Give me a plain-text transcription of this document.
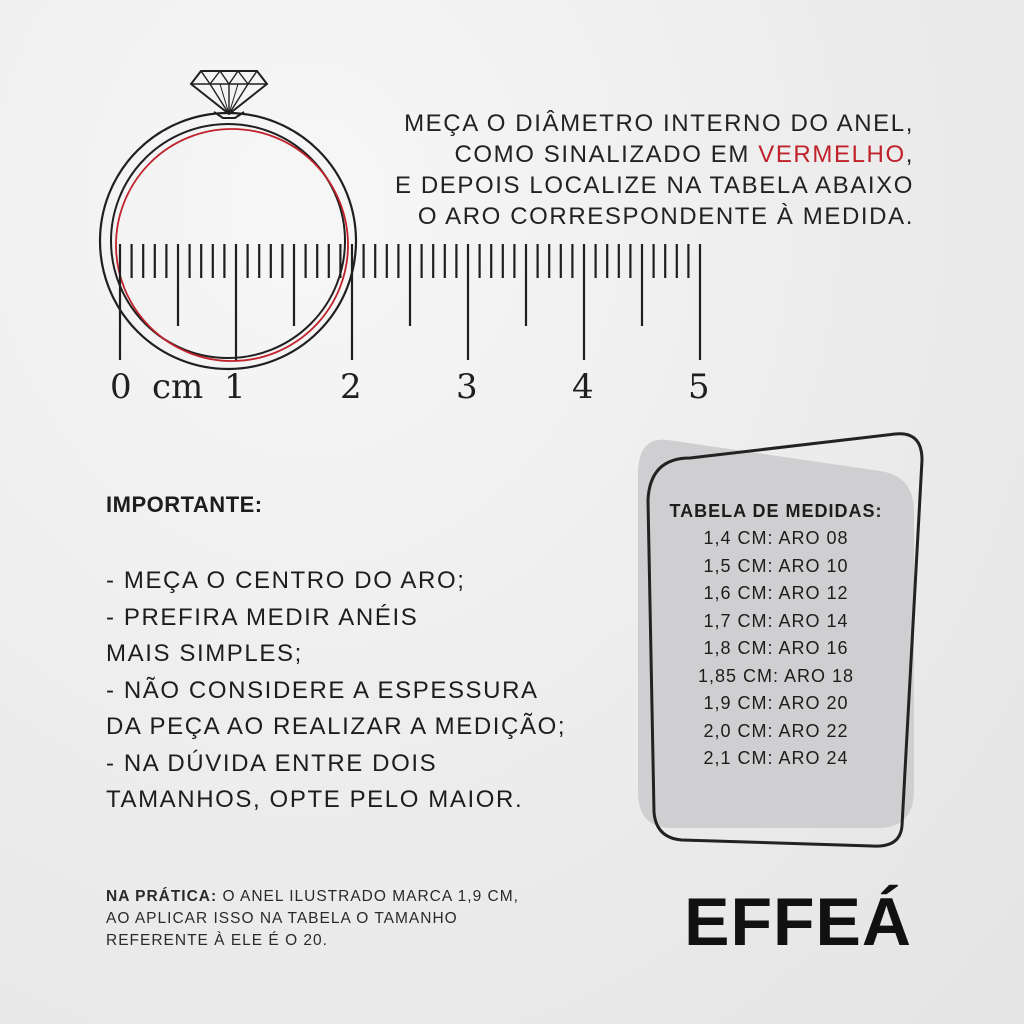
0 cm 1	2	3	4	5
MEÇA O DIÂMETRO INTERNO DO ANEL,
COMO SINALIZADO EM VERMELHO,
E DEPOIS LOCALIZE NA TABELA ABAIXO
O ARO CORRESPONDENTE À MEDIDA.
IMPORTANTE:
- MEÇA O CENTRO DO ARO;
- PREFIRA MEDIR ANÉIS
MAIS SIMPLES;
- NÃO CONSIDERE A ESPESSURA
DA PEÇA AO REALIZAR A MEDIÇÃO;
- NA DÚVIDA ENTRE DOIS
TAMANHOS, OPTE PELO MAIOR.
TABELA DE MEDIDAS:
1,4 CM: ARO 08
1,5 CM: ARO 10
1,6 CM: ARO 12
1,7 CM: ARO 14
1,8 CM: ARO 16
1,85 CM: ARO 18
1,9 CM: ARO 20
2,0 CM: ARO 22
2,1 CM: ARO 24
NA PRÁTICA: O ANEL ILUSTRADO MARCA 1,9 CM,
AO APLICAR ISSO NA TABELA O TAMANHO
REFERENTE À ELE É O 20.	EFFEÁ
